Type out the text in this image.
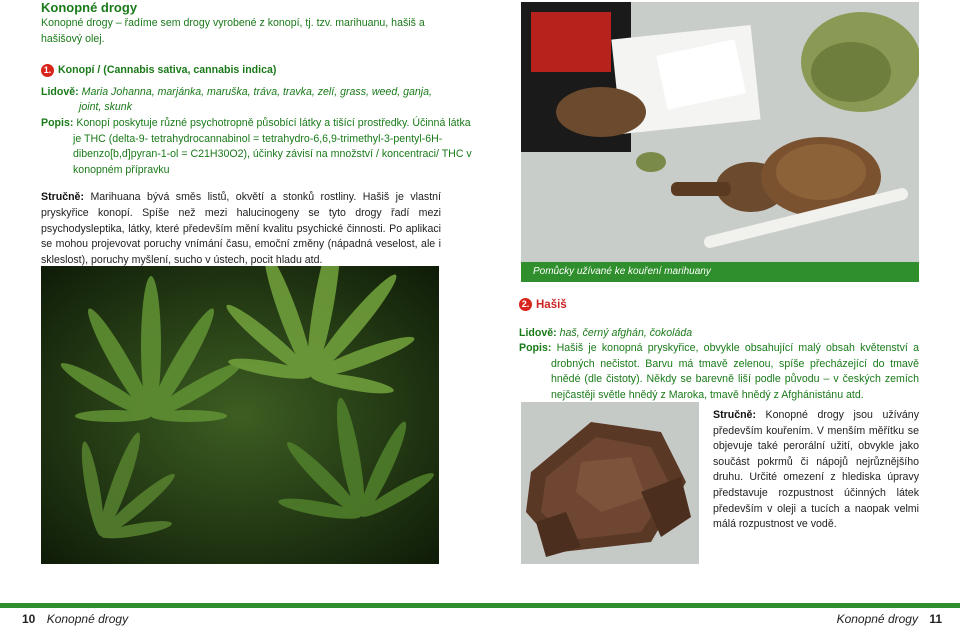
Konopné drogy
Konopné drogy – řadíme sem drogy vyrobené z konopí, tj. tzv. marihuanu, hašiš a hašišový olej.
1. Konopí / (Cannabis sativa, cannabis indica)
Lidově: Maria Johanna, marjánka, maruška, tráva, travka, zelí, grass, weed, ganja, joint, skunk
Popis: Konopí poskytuje různé psychotropně působící látky a tišící prostředky. Účinná látka je THC (delta-9- tetrahydrocannabinol = tetrahydro-6,6,9-trimethyl-3-pentyl-6H-dibenzo[b,d]pyran-1-ol = C21H30O2), účinky závisí na množství / koncentraci/ THC v konopném přípravku
Stručně: Marihuana bývá směs listů, okvětí a stonků rostliny. Hašiš je vlastní pryskyřice konopí. Spíše než mezi halucinogeny se tyto drogy řadí mezi psychodysleptika, látky, které především mění kvalitu psychické činnosti. Po aplikaci se mohou projevovat poruchy vnímání času, emoční změny (nápadná veselost, ale i skleslost), poruchy myšlení, sucho v ústech, pocit hladu atd.
Pomůcky užívané ke kouření marihuany
2. Hašiš
Lidově: haš, černý afghán, čokoláda
Popis: Hašiš je konopná pryskyřice, obvykle obsahující malý obsah květenství a drobných nečistot. Barvu má tmavě zelenou, spíše přecházející do tmavě hnědé (dle čistoty). Někdy se barevně liší podle původu – v českých zemích nejčastěji světle hnědý z Maroka, tmavě hnědý z Afghánistánu atd.
Stručně: Konopné drogy jsou užívány především kouřením. V menším měřítku se objevuje také perorální užití, obvykle jako součást pokrmů či nápojů nejrůznějšího druhu. Určité omezení z hlediska úpravy představuje rozpustnost účinných látek především v oleji a tucích a naopak velmi málá rozpustnost ve vodě.
10 Konopné drogy	Konopné drogy 11
